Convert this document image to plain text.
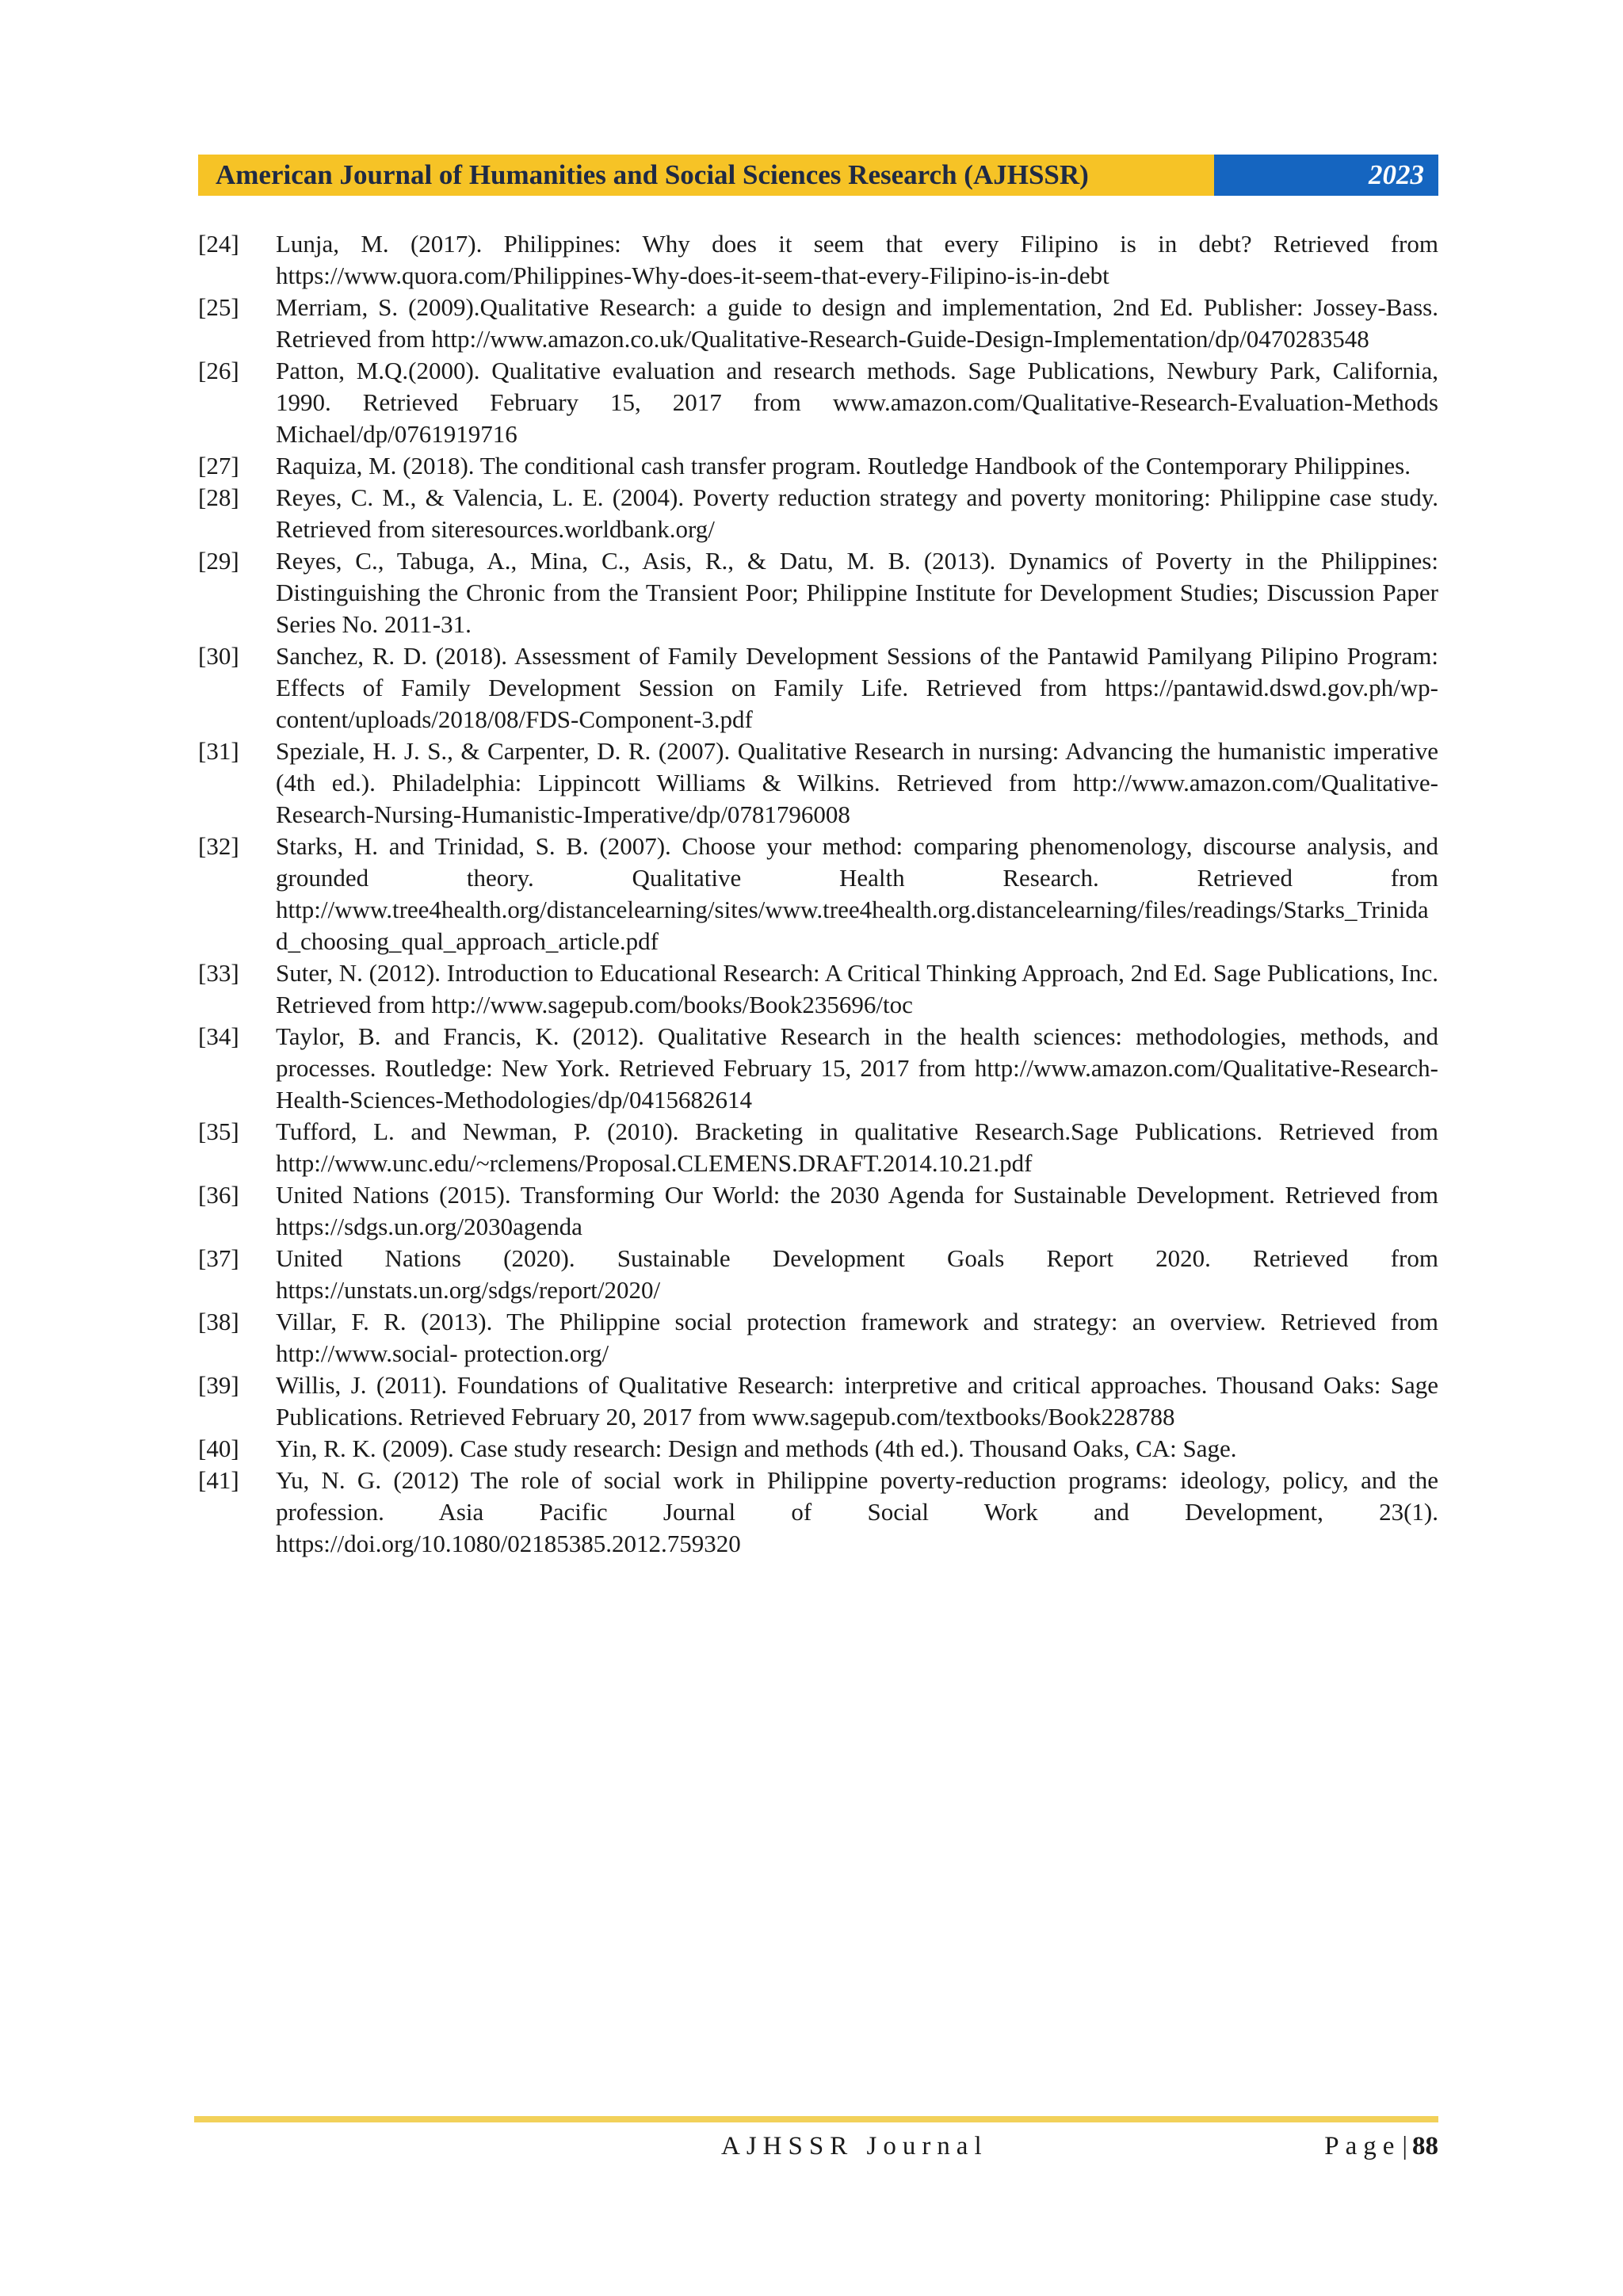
American Journal of Humanities and Social Sciences Research (AJHSSR)	2023
[24]	Lunja, M. (2017). Philippines: Why does it seem that every Filipino is in debt? Retrieved from https://www.quora.com/Philippines-Why-does-it-seem-that-every-Filipino-is-in-debt
[25]	Merriam, S. (2009).Qualitative Research: a guide to design and implementation, 2nd Ed. Publisher: Jossey-Bass. Retrieved from http://www.amazon.co.uk/Qualitative-Research-Guide-Design-Implementation/dp/0470283548
[26]	Patton, M.Q.(2000). Qualitative evaluation and research methods. Sage Publications, Newbury Park, California, 1990. Retrieved February 15, 2017 from www.amazon.com/Qualitative-Research-Evaluation-Methods Michael/dp/0761919716
[27]	Raquiza, M. (2018). The conditional cash transfer program. Routledge Handbook of the Contemporary Philippines.
[28]	Reyes, C. M., & Valencia, L. E. (2004). Poverty reduction strategy and poverty monitoring: Philippine case study. Retrieved from siteresources.worldbank.org/
[29]	Reyes, C., Tabuga, A., Mina, C., Asis, R., & Datu, M. B. (2013). Dynamics of Poverty in the Philippines: Distinguishing the Chronic from the Transient Poor; Philippine Institute for Development Studies; Discussion Paper Series No. 2011-31.
[30]	Sanchez, R. D. (2018). Assessment of Family Development Sessions of the Pantawid Pamilyang Pilipino Program: Effects of Family Development Session on Family Life. Retrieved from https://pantawid.dswd.gov.ph/wp-content/uploads/2018/08/FDS-Component-3.pdf
[31]	Speziale, H. J. S., & Carpenter, D. R. (2007). Qualitative Research in nursing: Advancing the humanistic imperative (4th ed.). Philadelphia: Lippincott Williams & Wilkins. Retrieved from http://www.amazon.com/Qualitative-Research-Nursing-Humanistic-Imperative/dp/0781796008
[32]	Starks, H. and Trinidad, S. B. (2007). Choose your method: comparing phenomenology, discourse analysis, and grounded theory. Qualitative Health Research. Retrieved from http://www.tree4health.org/distancelearning/sites/www.tree4health.org.distancelearning/files/readings/Starks_Trinidad_choosing_qual_approach_article.pdf
[33]	Suter, N. (2012). Introduction to Educational Research: A Critical Thinking Approach, 2nd Ed. Sage Publications, Inc. Retrieved from http://www.sagepub.com/books/Book235696/toc
[34]	Taylor, B. and Francis, K. (2012). Qualitative Research in the health sciences: methodologies, methods, and processes. Routledge: New York. Retrieved February 15, 2017 from http://www.amazon.com/Qualitative-Research-Health-Sciences-Methodologies/dp/0415682614
[35]	Tufford, L. and Newman, P. (2010). Bracketing in qualitative Research.Sage Publications. Retrieved from http://www.unc.edu/~rclemens/Proposal.CLEMENS.DRAFT.2014.10.21.pdf
[36]	United Nations (2015). Transforming Our World: the 2030 Agenda for Sustainable Development. Retrieved from https://sdgs.un.org/2030agenda
[37]	United Nations (2020). Sustainable Development Goals Report 2020. Retrieved from https://unstats.un.org/sdgs/report/2020/
[38]	Villar, F. R. (2013). The Philippine social protection framework and strategy: an overview. Retrieved from http://www.social- protection.org/
[39]	Willis, J. (2011). Foundations of Qualitative Research: interpretive and critical approaches. Thousand Oaks: Sage Publications. Retrieved February 20, 2017 from www.sagepub.com/textbooks/Book228788
[40]	Yin, R. K. (2009). Case study research: Design and methods (4th ed.). Thousand Oaks, CA: Sage.
[41]	Yu, N. G. (2012) The role of social work in Philippine poverty-reduction programs: ideology, policy, and the profession. Asia Pacific Journal of Social Work and Development, 23(1). https://doi.org/10.1080/02185385.2012.759320
AJHSSR Journal	Page| 88
